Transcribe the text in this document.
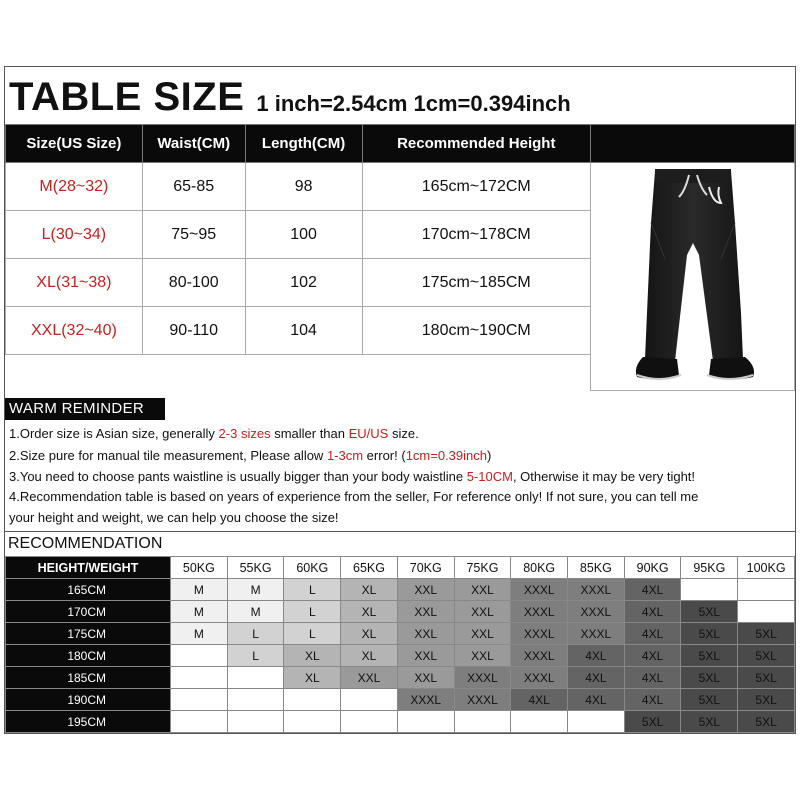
TABLE SIZE 1 inch=2.54cm 1cm=0.394inch
Size(US Size)	Waist(CM)	Length(CM)	Recommended Height	
M(28~32)	65-85	98	165cm~172CM	
L(30~34)	75~95	100	170cm~178CM	
XL(31~38)	80-100	102	175cm~185CM	
XXL(32~40)	90-110	104	180cm~190CM	

WARM REMINDER
1.Order size is Asian size, generally 2-3 sizes smaller than EU/US size.
2.Size pure for manual tile measurement, Please allow 1-3cm error! (1cm=0.39inch)
3.You need to choose pants waistline is usually bigger than your body waistline 5-10CM, Otherwise it may be very tight!
4.Recommendation table is based on years of experience from the seller, For reference only! If not sure, you can tell me
your height and weight, we can help you choose the size!
RECOMMENDATION
HEIGHT/WEIGHT	50KG	55KG	60KG	65KG	70KG	75KG	80KG	85KG	90KG	95KG	100KG
165CM	M	M	L	XL	XXL	XXL	XXXL	XXXL	4XL		
170CM	M	M	L	XL	XXL	XXL	XXXL	XXXL	4XL	5XL	
175CM	M	L	L	XL	XXL	XXL	XXXL	XXXL	4XL	5XL	5XL
180CM		L	XL	XL	XXL	XXL	XXXL	4XL	4XL	5XL	5XL
185CM			XL	XXL	XXL	XXXL	XXXL	4XL	4XL	5XL	5XL
190CM					XXXL	XXXL	4XL	4XL	4XL	5XL	5XL
195CM									5XL	5XL	5XL
